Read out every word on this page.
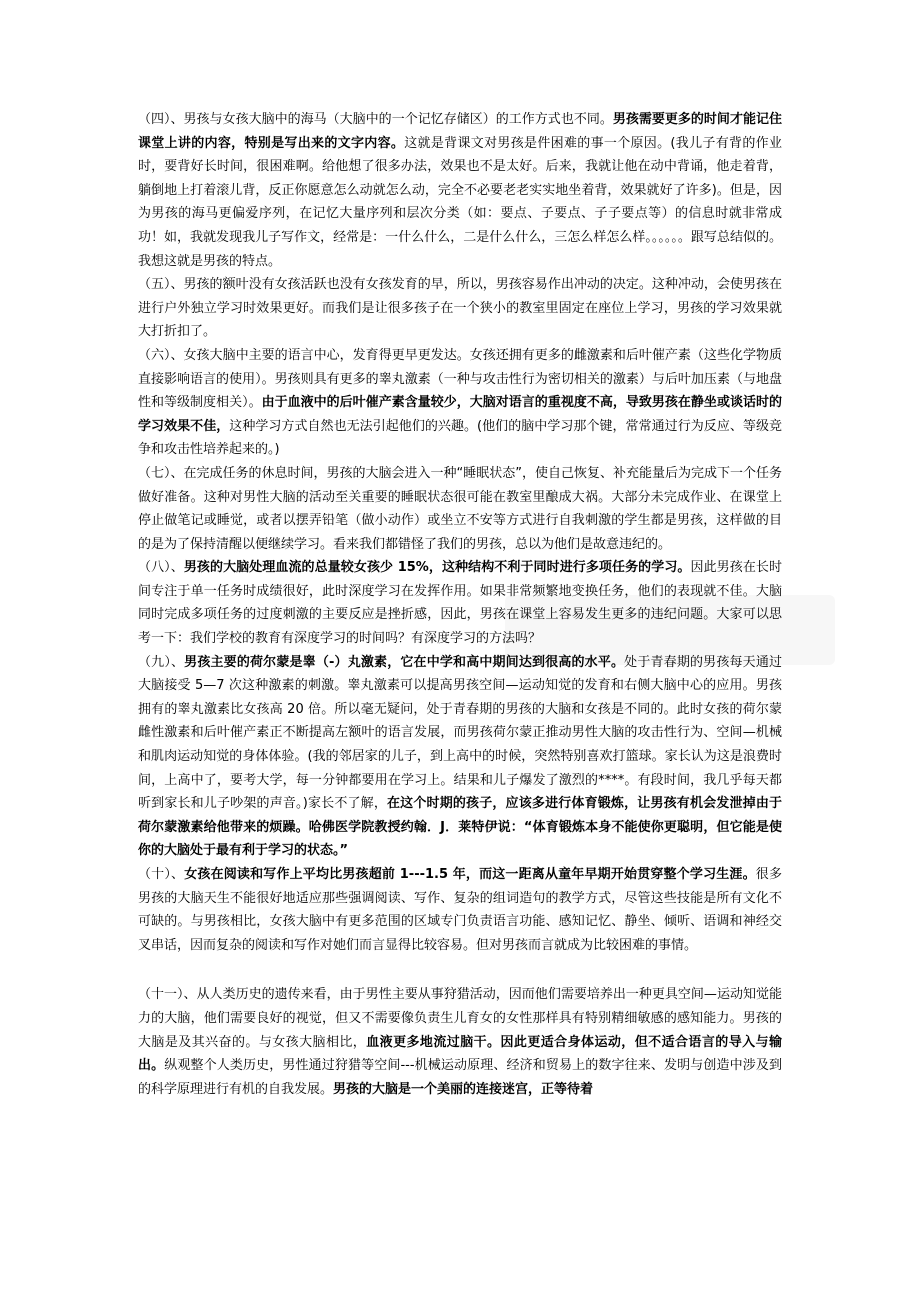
（四）、男孩与女孩大脑中的海马（大脑中的一个记忆存储区）的工作方式也不同。男孩需要更多的时间才能记住课堂上讲的内容，特别是写出来的文字内容。这就是背课文对男孩是件困难的事一个原因。(我儿子有背的作业时，要背好长时间，很困难啊。给他想了很多办法，效果也不是太好。后来，我就让他在动中背诵，他走着背，躺倒地上打着滚儿背，反正你愿意怎么动就怎么动，完全不必要老老实实地坐着背，效果就好了许多)。但是，因为男孩的海马更偏爱序列，在记忆大量序列和层次分类（如：要点、子要点、子子要点等）的信息时就非常成功！如，我就发现我儿子写作文，经常是：一什么什么，二是什么什么，三怎么样怎么样。。。。。。跟写总结似的。我想这就是男孩的特点。

（五）、男孩的额叶没有女孩活跃也没有女孩发育的早，所以，男孩容易作出冲动的决定。这种冲动，会使男孩在进行户外独立学习时效果更好。而我们是让很多孩子在一个狭小的教室里固定在座位上学习，男孩的学习效果就大打折扣了。

（六）、女孩大脑中主要的语言中心，发育得更早更发达。女孩还拥有更多的雌激素和后叶催产素（这些化学物质直接影响语言的使用）。男孩则具有更多的睾丸激素（一种与攻击性行为密切相关的激素）与后叶加压素（与地盘性和等级制度相关）。由于血液中的后叶催产素含量较少，大脑对语言的重视度不高，导致男孩在静坐或谈话时的学习效果不佳，这种学习方式自然也无法引起他们的兴趣。(他们的脑中学习那个键，常常通过行为反应、等级竞争和攻击性培养起来的。)

（七）、在完成任务的休息时间，男孩的大脑会进入一种“睡眠状态”，使自己恢复、补充能量后为完成下一个任务做好准备。这种对男性大脑的活动至关重要的睡眠状态很可能在教室里酿成大祸。大部分未完成作业、在课堂上停止做笔记或睡觉，或者以摆弄铅笔（做小动作）或坐立不安等方式进行自我刺激的学生都是男孩，这样做的目的是为了保持清醒以便继续学习。看来我们都错怪了我们的男孩，总以为他们是故意违纪的。

（八）、男孩的大脑处理血流的总量较女孩少 15%，这种结构不利于同时进行多项任务的学习。因此男孩在长时间专注于单一任务时成绩很好，此时深度学习在发挥作用。如果非常频繁地变换任务，他们的表现就不佳。大脑同时完成多项任务的过度刺激的主要反应是挫折感，因此，男孩在课堂上容易发生更多的违纪问题。大家可以思考一下：我们学校的教育有深度学习的时间吗？有深度学习的方法吗？

（九）、男孩主要的荷尔蒙是睾（-）丸激素，它在中学和高中期间达到很高的水平。处于青春期的男孩每天通过大脑接受 5—7 次这种激素的刺激。睾丸激素可以提高男孩空间—运动知觉的发育和右侧大脑中心的应用。男孩拥有的睾丸激素比女孩高 20 倍。所以毫无疑问，处于青春期的男孩的大脑和女孩是不同的。此时女孩的荷尔蒙雌性激素和后叶催产素正不断提高左额叶的语言发展，而男孩荷尔蒙正推动男性大脑的攻击性行为、空间—机械和肌肉运动知觉的身体体验。(我的邻居家的儿子，到上高中的时候，突然特别喜欢打篮球。家长认为这是浪费时间，上高中了，要考大学，每一分钟都要用在学习上。结果和儿子爆发了激烈的****。有段时间，我几乎每天都听到家长和儿子吵架的声音。)家长不了解，在这个时期的孩子，应该多进行体育锻炼，让男孩有机会发泄掉由于荷尔蒙激素给他带来的烦躁。哈佛医学院教授约翰．J．莱特伊说：“体育锻炼本身不能使你更聪明，但它能是使你的大脑处于最有利于学习的状态。”

（十）、女孩在阅读和写作上平均比男孩超前 1---1.5 年，而这一距离从童年早期开始贯穿整个学习生涯。很多男孩的大脑天生不能很好地适应那些强调阅读、写作、复杂的组词造句的教学方式，尽管这些技能是所有文化不可缺的。与男孩相比，女孩大脑中有更多范围的区域专门负责语言功能、感知记忆、静坐、倾听、语调和神经交叉串话，因而复杂的阅读和写作对她们而言显得比较容易。但对男孩而言就成为比较困难的事情。

（十一）、从人类历史的遗传来看，由于男性主要从事狩猎活动，因而他们需要培养出一种更具空间—运动知觉能力的大脑，他们需要良好的视觉，但又不需要像负责生儿育女的女性那样具有特别精细敏感的感知能力。男孩的大脑是及其兴奋的。与女孩大脑相比，血液更多地流过脑干。因此更适合身体运动，但不适合语言的导入与输出。纵观整个人类历史，男性通过狩猎等空间---机械运动原理、经济和贸易上的数字往来、发明与创造中涉及到的科学原理进行有机的自我发展。男孩的大脑是一个美丽的连接迷宫，正等待着
